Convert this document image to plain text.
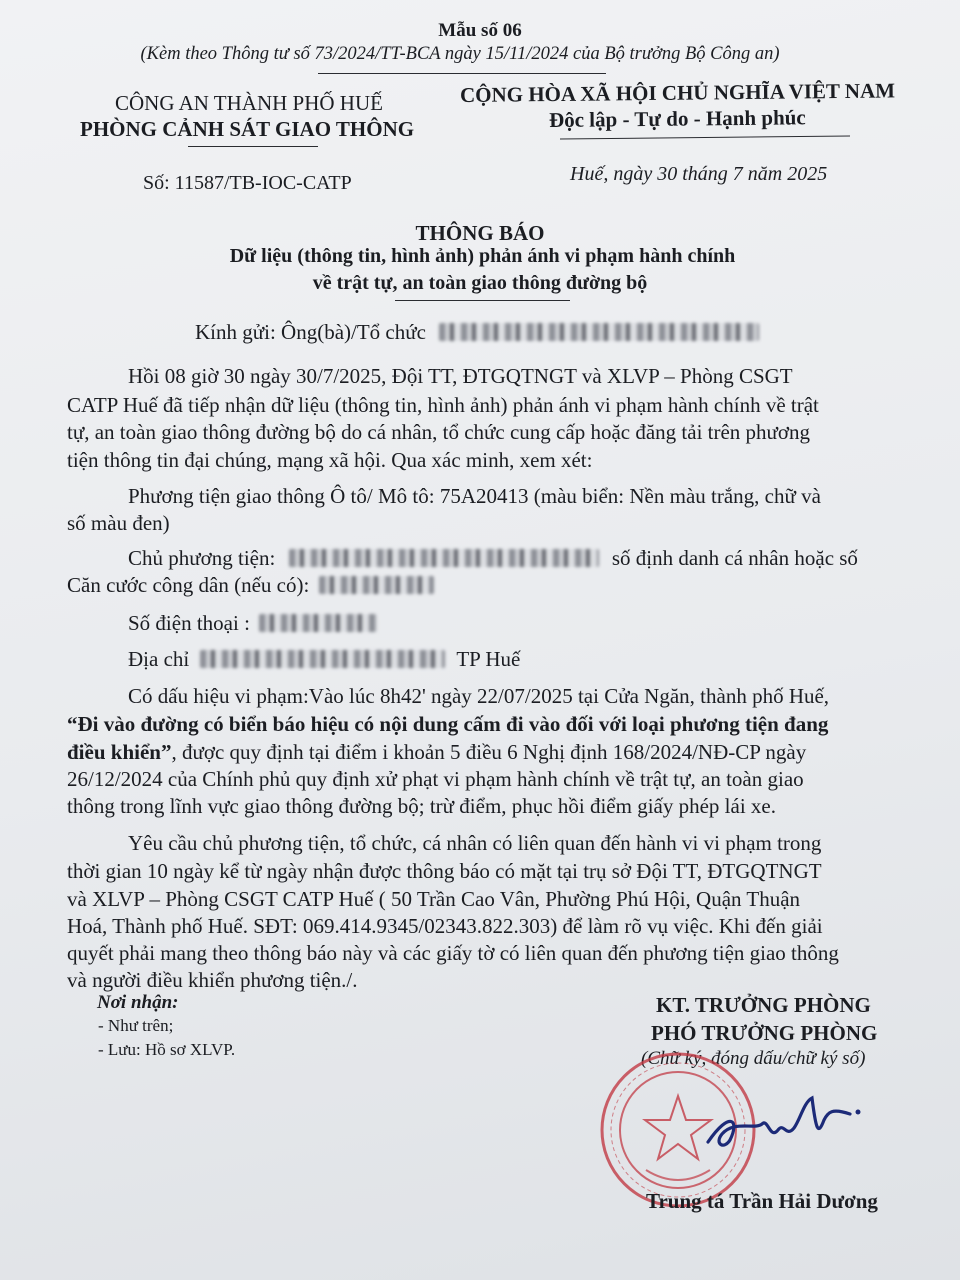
Mẫu số 06
(Kèm theo Thông tư số 73/2024/TT-BCA ngày 15/11/2024 của Bộ trưởng Bộ Công an)
CÔNG AN THÀNH PHỐ HUẾ
PHÒNG CẢNH SÁT GIAO THÔNG
CỘNG HÒA XÃ HỘI CHỦ NGHĨA VIỆT NAM
Độc lập - Tự do - Hạnh phúc
Số: 11587/TB-IOC-CATP	Huế, ngày 30 tháng 7 năm 2025
THÔNG BÁO
Dữ liệu (thông tin, hình ảnh) phản ánh vi phạm hành chính
về trật tự, an toàn giao thông đường bộ
Kính gửi: Ông(bà)/Tổ chức
Hồi 08 giờ 30 ngày 30/7/2025, Đội TT, ĐTGQTNGT và XLVP – Phòng CSGT
CATP Huế đã tiếp nhận dữ liệu (thông tin, hình ảnh) phản ánh vi phạm hành chính về trật
tự, an toàn giao thông đường bộ do cá nhân, tổ chức cung cấp hoặc đăng tải trên phương
tiện thông tin đại chúng, mạng xã hội. Qua xác minh, xem xét:
Phương tiện giao thông Ô tô/ Mô tô: 75A20413 (màu biển: Nền màu trắng, chữ và
số màu đen)
Chủ phương tiện:	số định danh cá nhân hoặc số
Căn cước công dân (nếu có):
Số điện thoại :
Địa chỉ	TP Huế
Có dấu hiệu vi phạm:Vào lúc 8h42' ngày 22/07/2025 tại Cửa Ngăn, thành phố Huế,
“Đi vào đường có biển báo hiệu có nội dung cấm đi vào đối với loại phương tiện đang
điều khiển”, được quy định tại điểm i khoản 5 điều 6 Nghị định 168/2024/NĐ-CP ngày
26/12/2024 của Chính phủ quy định xử phạt vi phạm hành chính về trật tự, an toàn giao
thông trong lĩnh vực giao thông đường bộ; trừ điểm, phục hồi điểm giấy phép lái xe.
Yêu cầu chủ phương tiện, tổ chức, cá nhân có liên quan đến hành vi vi phạm trong
thời gian 10 ngày kể từ ngày nhận được thông báo có mặt tại trụ sở Đội TT, ĐTGQTNGT
và XLVP – Phòng CSGT CATP Huế ( 50 Trần Cao Vân, Phường Phú Hội, Quận Thuận
Hoá, Thành phố Huế. SĐT: 069.414.9345/02343.822.303) để làm rõ vụ việc. Khi đến giải
quyết phải mang theo thông báo này và các giấy tờ có liên quan đến phương tiện giao thông
và người điều khiển phương tiện./.
Nơi nhận:
- Như trên;
- Lưu: Hồ sơ XLVP.
KT. TRƯỞNG PHÒNG
PHÓ TRƯỞNG PHÒNG
(Chữ ký, đóng dấu/chữ ký số)
Trung tá Trần Hải Dương
